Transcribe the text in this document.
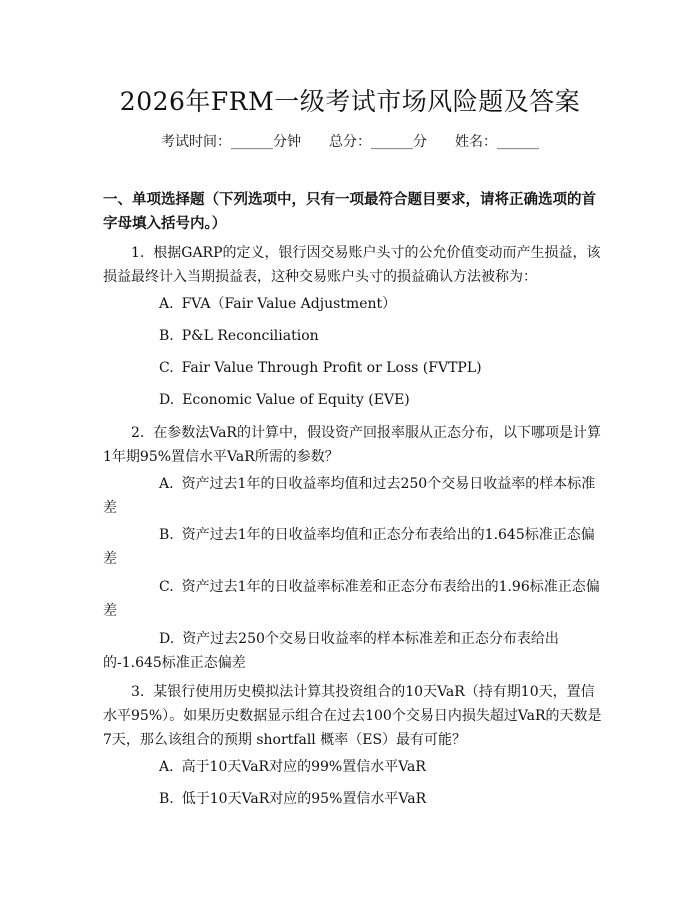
2026年FRM一级考试市场风险题及答案
考试时间：______分钟 总分：______分 姓名：______
一、单项选择题（下列选项中，只有一项最符合题目要求，请将正确选项的首字母填入括号内。）
1. 根据GARP的定义，银行因交易账户头寸的公允价值变动而产生损益，该损益最终计入当期损益表，这种交易账户头寸的损益确认方法被称为：
A. FVA（Fair Value Adjustment）
B. P&L Reconciliation
C. Fair Value Through Profit or Loss (FVTPL)
D. Economic Value of Equity (EVE)
2. 在参数法VaR的计算中，假设资产回报率服从正态分布，以下哪项是计算1年期95%置信水平VaR所需的参数？
A. 资产过去1年的日收益率均值和过去250个交易日收益率的样本标准差
B. 资产过去1年的日收益率均值和正态分布表给出的1.645标准正态偏差
C. 资产过去1年的日收益率标准差和正态分布表给出的1.96标准正态偏差
D. 资产过去250个交易日收益率的样本标准差和正态分布表给出的-1.645标准正态偏差
3. 某银行使用历史模拟法计算其投资组合的10天VaR（持有期10天，置信水平95%）。如果历史数据显示组合在过去100个交易日内损失超过VaR的天数是7天，那么该组合的预期 shortfall 概率（ES）最有可能？
A. 高于10天VaR对应的99%置信水平VaR
B. 低于10天VaR对应的95%置信水平VaR
